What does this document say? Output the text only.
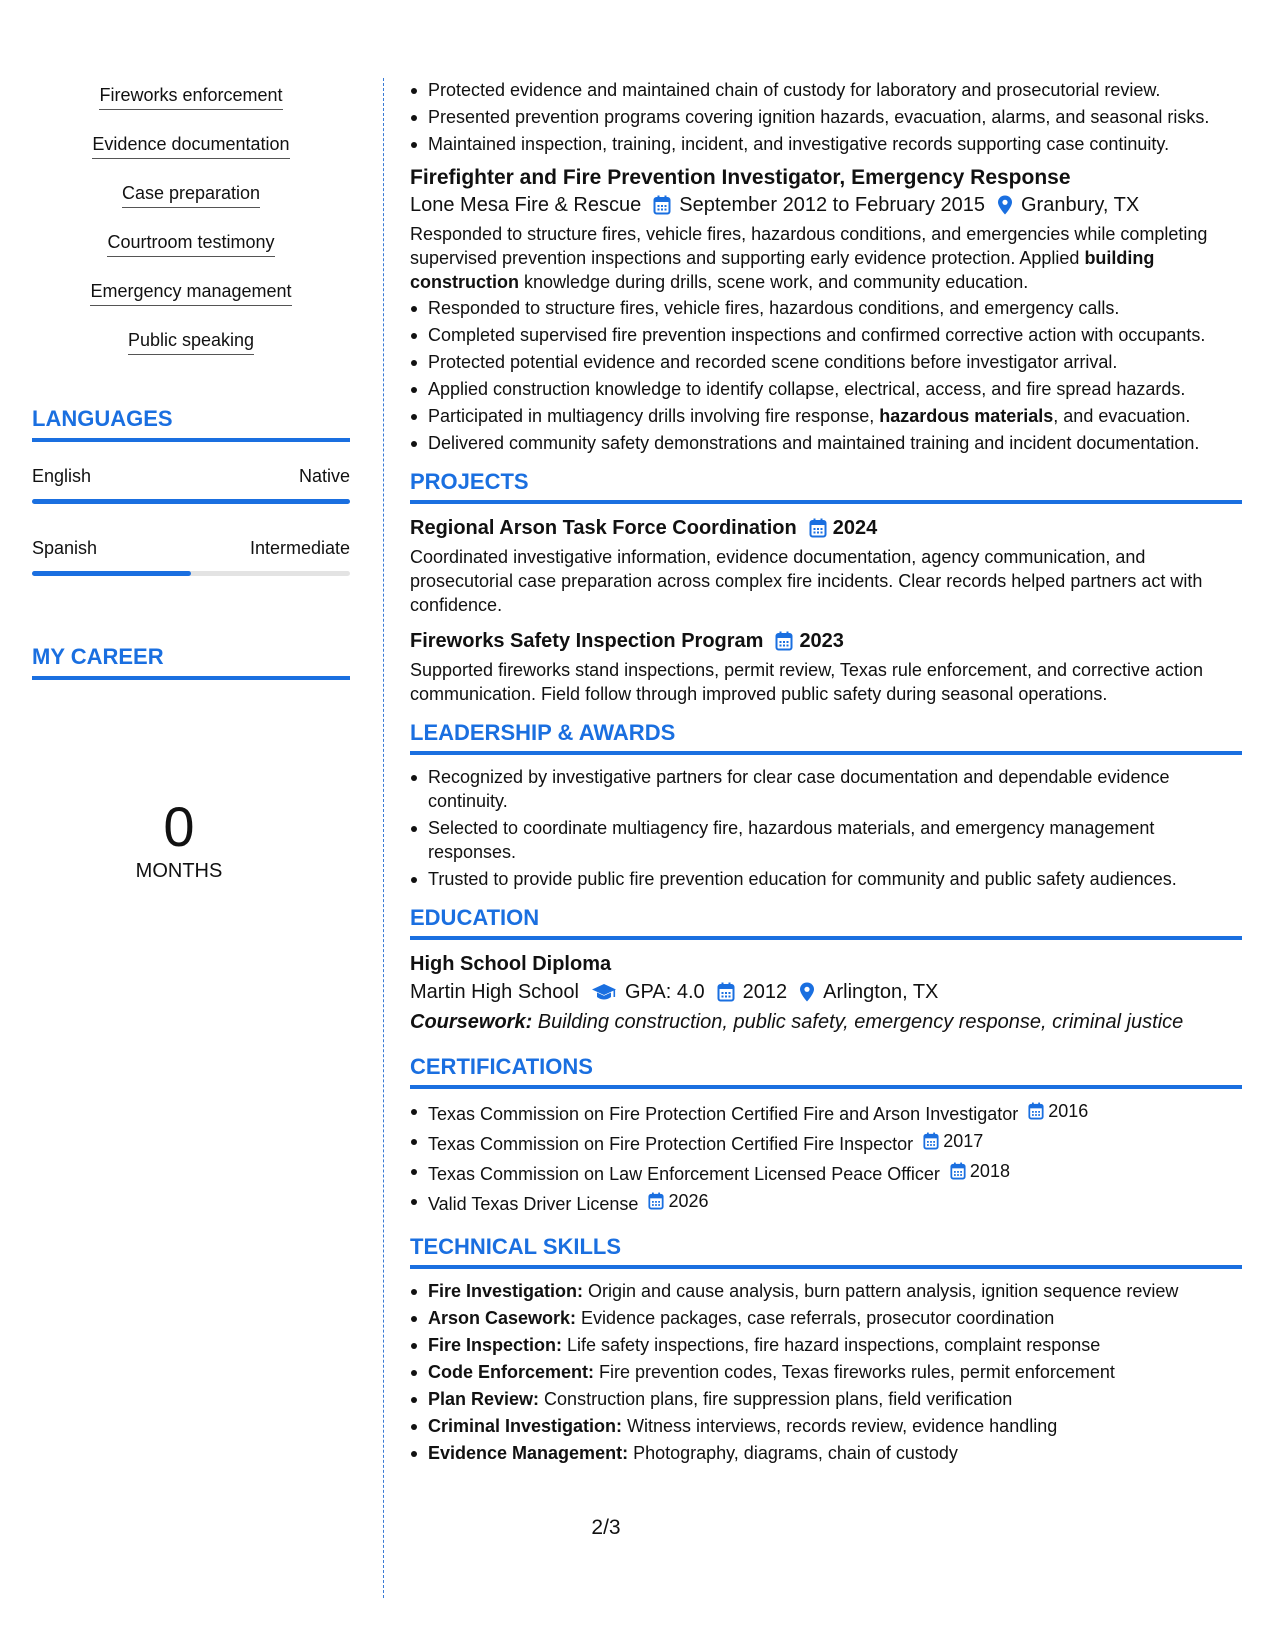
Fireworks enforcement
Evidence documentation
Case preparation
Courtroom testimony
Emergency management
Public speaking
LANGUAGES
English	Native
Spanish	Intermediate
MY CAREER
0
MONTHS
Protected evidence and maintained chain of custody for laboratory and prosecutorial review.
Presented prevention programs covering ignition hazards, evacuation, alarms, and seasonal risks.
Maintained inspection, training, incident, and investigative records supporting case continuity.
Firefighter and Fire Prevention Investigator, Emergency Response
Lone Mesa Fire & Rescue September 2012 to February 2015 Granbury, TX
Responded to structure fires, vehicle fires, hazardous conditions, and emergencies while completing supervised prevention inspections and supporting early evidence protection. Applied building construction knowledge during drills, scene work, and community education.
Responded to structure fires, vehicle fires, hazardous conditions, and emergency calls.
Completed supervised fire prevention inspections and confirmed corrective action with occupants.
Protected potential evidence and recorded scene conditions before investigator arrival.
Applied construction knowledge to identify collapse, electrical, access, and fire spread hazards.
Participated in multiagency drills involving fire response, hazardous materials, and evacuation.
Delivered community safety demonstrations and maintained training and incident documentation.
PROJECTS
Regional Arson Task Force Coordination 2024
Coordinated investigative information, evidence documentation, agency communication, and prosecutorial case preparation across complex fire incidents. Clear records helped partners act with confidence.
Fireworks Safety Inspection Program 2023
Supported fireworks stand inspections, permit review, Texas rule enforcement, and corrective action communication. Field follow through improved public safety during seasonal operations.
LEADERSHIP & AWARDS
Recognized by investigative partners for clear case documentation and dependable evidence continuity.
Selected to coordinate multiagency fire, hazardous materials, and emergency management responses.
Trusted to provide public fire prevention education for community and public safety audiences.
EDUCATION
High School Diploma
Martin High School GPA: 4.0 2012 Arlington, TX
Coursework: Building construction, public safety, emergency response, criminal justice
CERTIFICATIONS
Texas Commission on Fire Protection Certified Fire and Arson Investigator 2016
Texas Commission on Fire Protection Certified Fire Inspector 2017
Texas Commission on Law Enforcement Licensed Peace Officer 2018
Valid Texas Driver License 2026
TECHNICAL SKILLS
Fire Investigation: Origin and cause analysis, burn pattern analysis, ignition sequence review
Arson Casework: Evidence packages, case referrals, prosecutor coordination
Fire Inspection: Life safety inspections, fire hazard inspections, complaint response
Code Enforcement: Fire prevention codes, Texas fireworks rules, permit enforcement
Plan Review: Construction plans, fire suppression plans, field verification
Criminal Investigation: Witness interviews, records review, evidence handling
Evidence Management: Photography, diagrams, chain of custody
2/3
